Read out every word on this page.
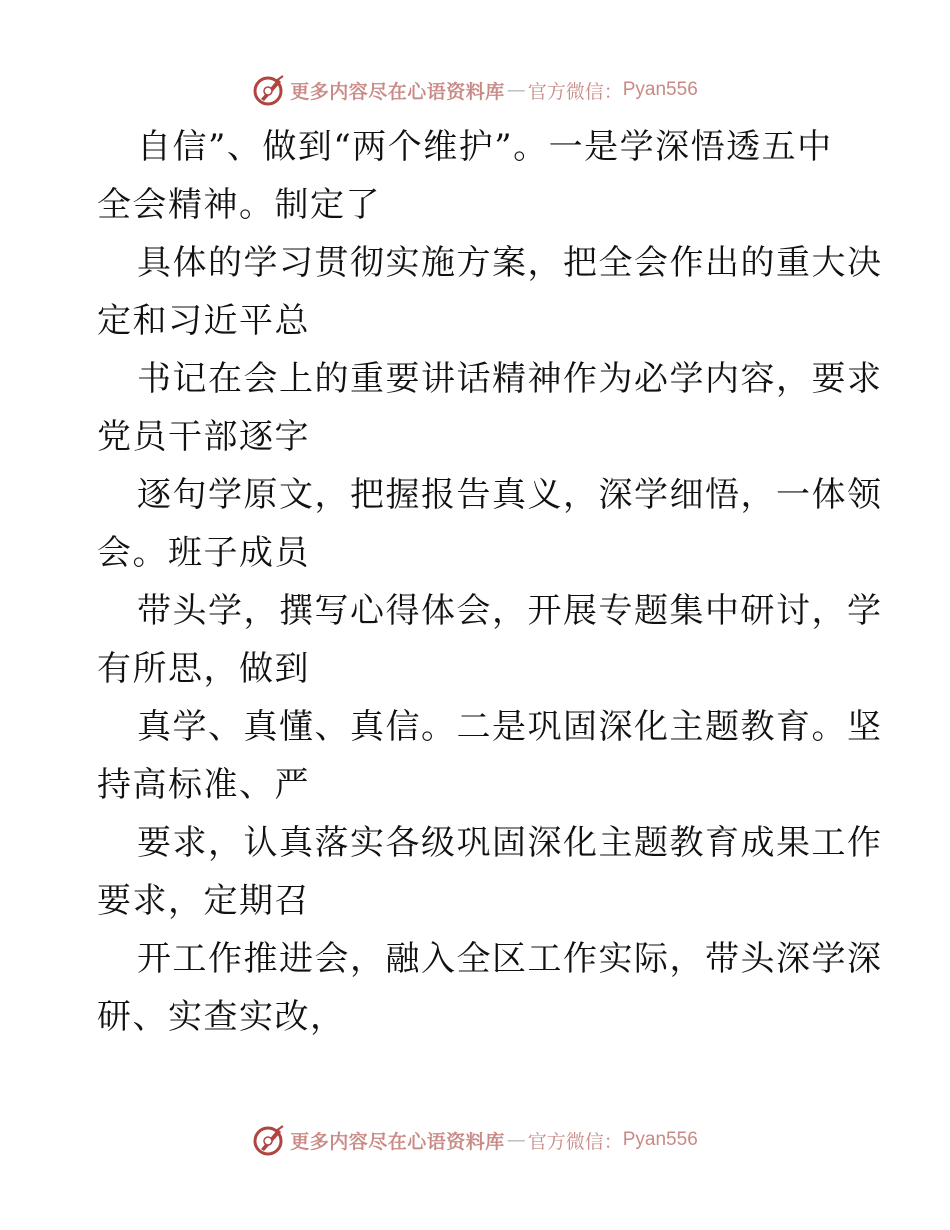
更多内容尽在心语资料库 — 官方微信： Pyan556
自信”、做到“两个维护”。一是学深悟透五中
全会精神。制定了
具体的学习贯彻实施方案，把全会作出的重大决
定和习近平总
书记在会上的重要讲话精神作为必学内容，要求
党员干部逐字
逐句学原文，把握报告真义，深学细悟，一体领
会。班子成员
带头学，撰写心得体会，开展专题集中研讨，学
有所思，做到
真学、真懂、真信。二是巩固深化主题教育。坚
持高标准、严
要求，认真落实各级巩固深化主题教育成果工作
要求，定期召
开工作推进会，融入全区工作实际，带头深学深
研、实查实改，
更多内容尽在心语资料库 — 官方微信： Pyan556
